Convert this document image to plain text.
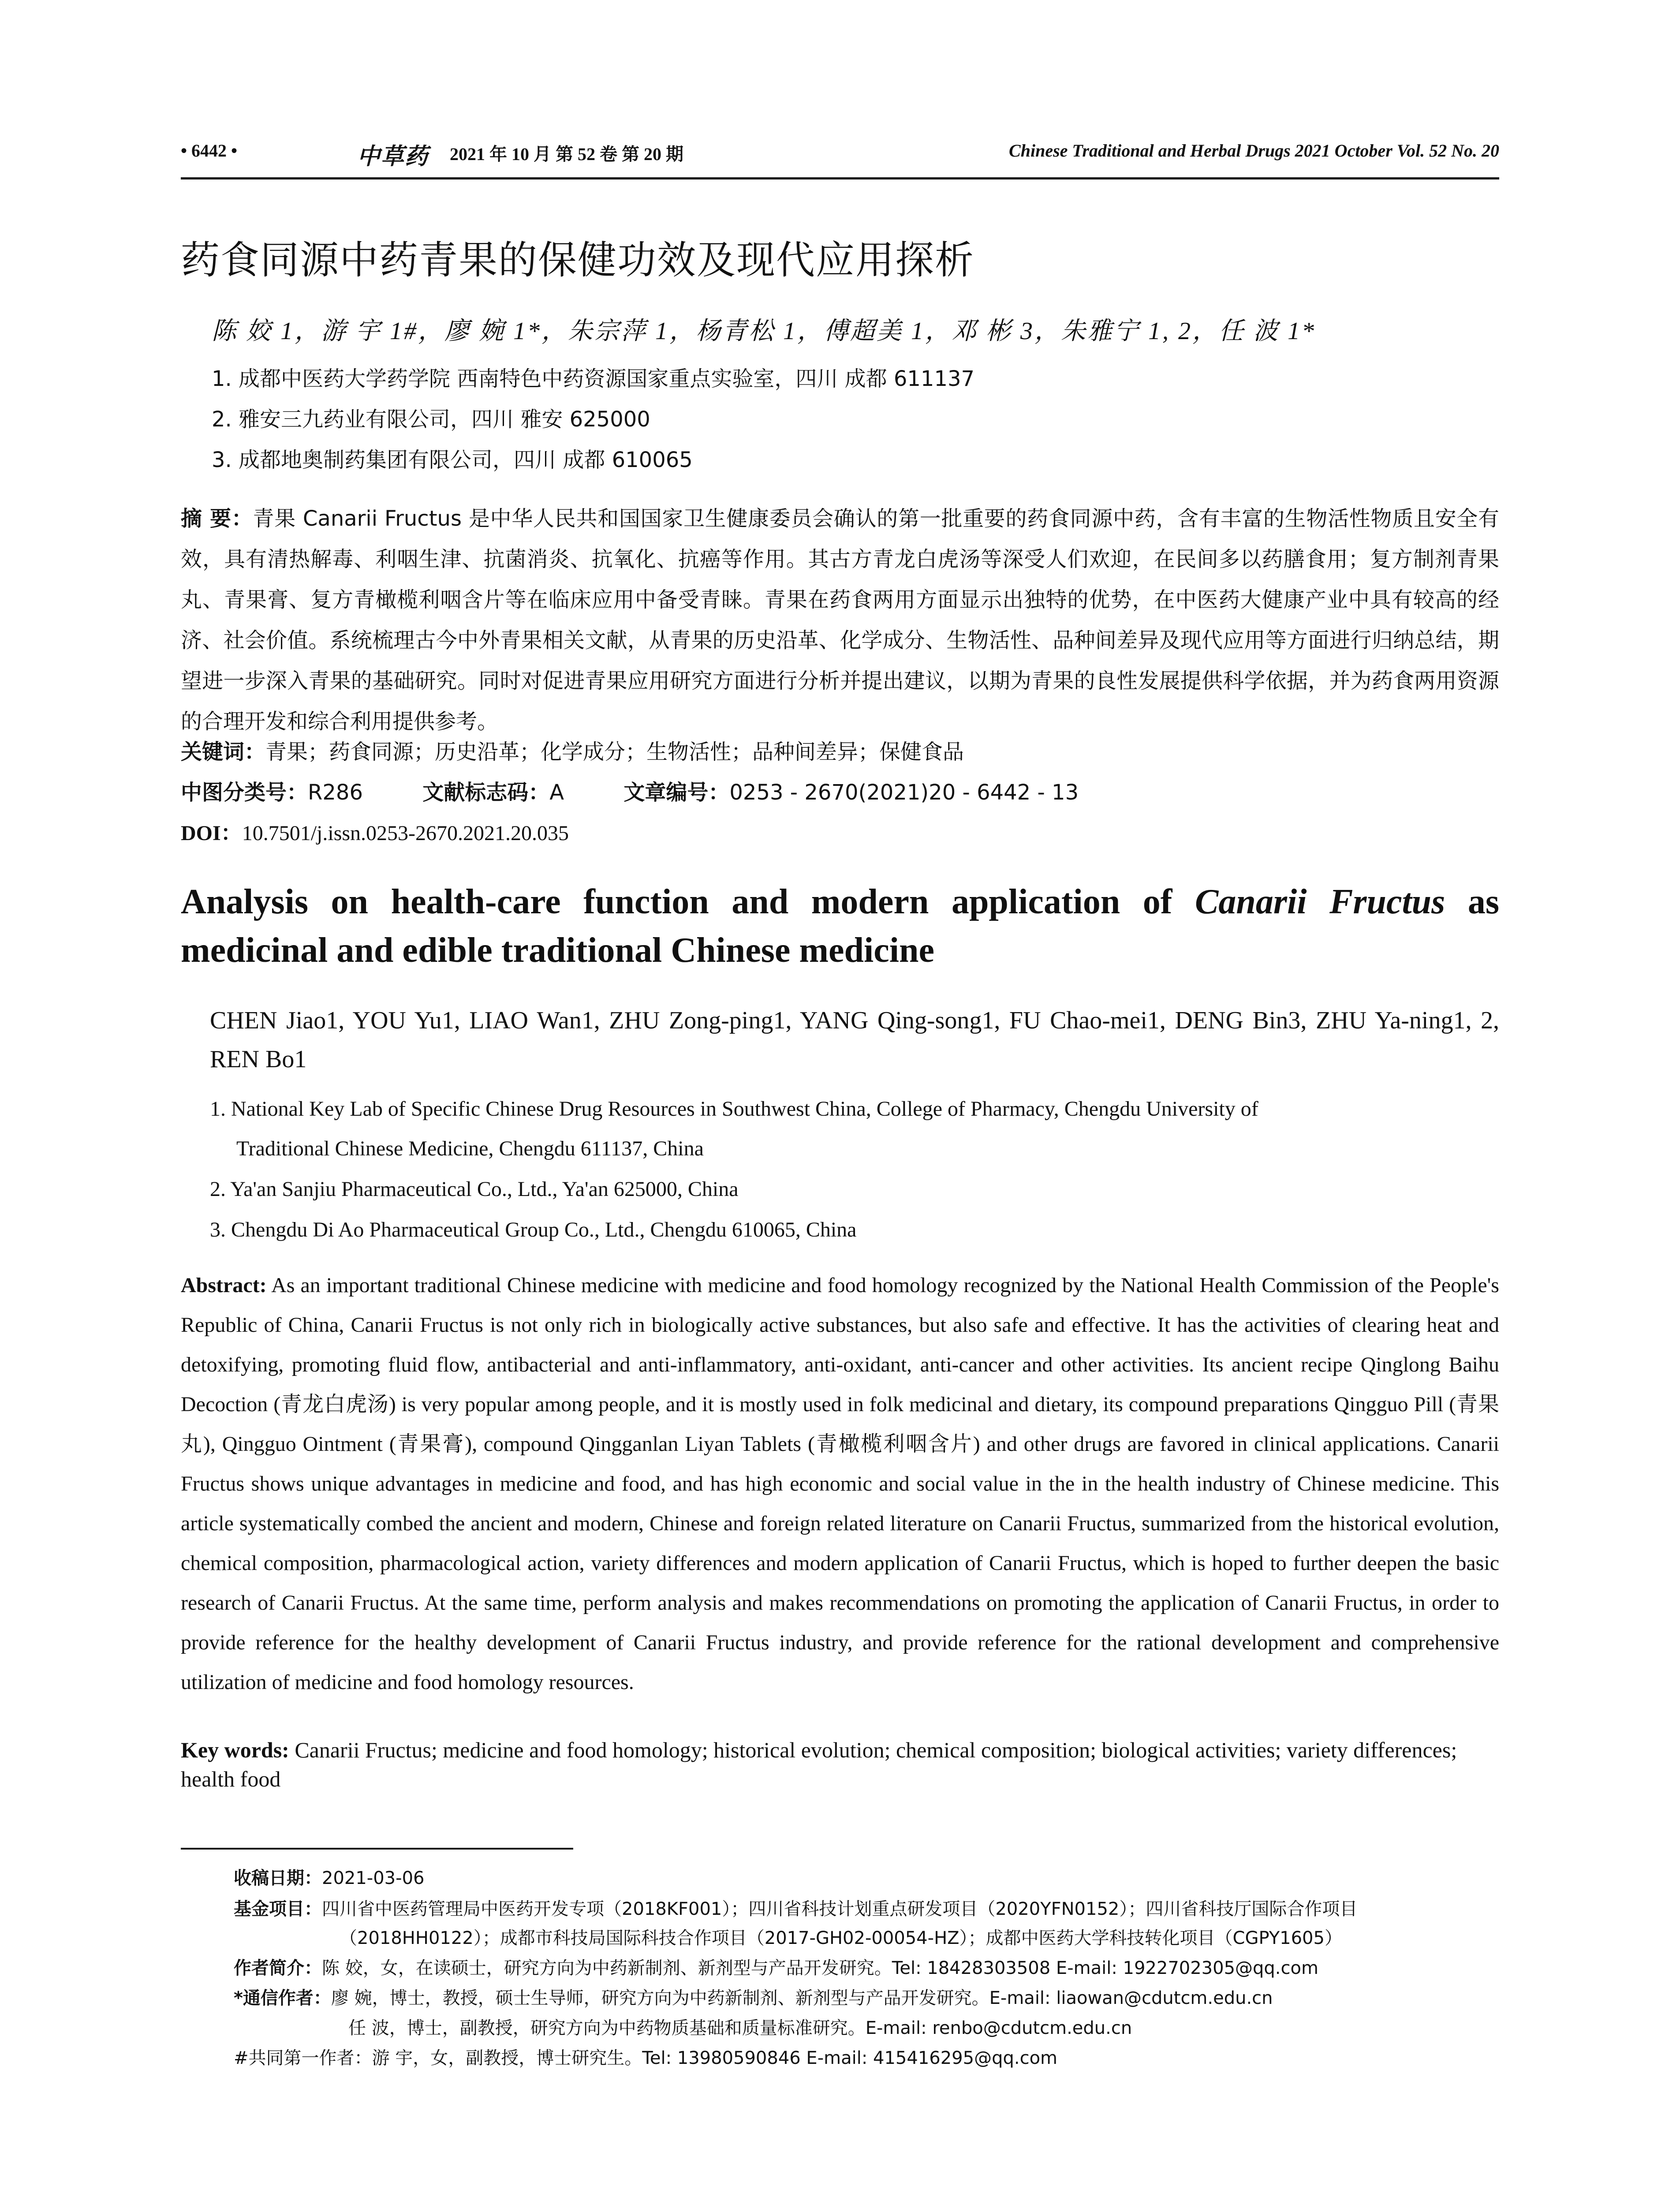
• 6442 •	中草药 2021 年 10 月 第 52 卷 第 20 期	Chinese Traditional and Herbal Drugs 2021 October Vol. 52 No. 20
药食同源中药青果的保健功效及现代应用探析
陈 姣 1，游 宇 1#，廖 婉 1*，朱宗萍 1，杨青松 1，傅超美 1，邓 彬 3，朱雅宁 1, 2，任 波 1*
1. 成都中医药大学药学院 西南特色中药资源国家重点实验室，四川 成都 611137
2. 雅安三九药业有限公司，四川 雅安 625000
3. 成都地奥制药集团有限公司，四川 成都 610065
摘 要：青果 Canarii Fructus 是中华人民共和国国家卫生健康委员会确认的第一批重要的药食同源中药，含有丰富的生物活性物质且安全有效，具有清热解毒、利咽生津、抗菌消炎、抗氧化、抗癌等作用。其古方青龙白虎汤等深受人们欢迎，在民间多以药膳食用；复方制剂青果丸、青果膏、复方青橄榄利咽含片等在临床应用中备受青睐。青果在药食两用方面显示出独特的优势，在中医药大健康产业中具有较高的经济、社会价值。系统梳理古今中外青果相关文献，从青果的历史沿革、化学成分、生物活性、品种间差异及现代应用等方面进行归纳总结，期望进一步深入青果的基础研究。同时对促进青果应用研究方面进行分析并提出建议，以期为青果的良性发展提供科学依据，并为药食两用资源的合理开发和综合利用提供参考。
关键词：青果；药食同源；历史沿革；化学成分；生物活性；品种间差异；保健食品
中图分类号：R286	文献标志码：A	文章编号：0253 - 2670(2021)20 - 6442 - 13
DOI：10.7501/j.issn.0253-2670.2021.20.035
Analysis on health-care function and modern application of Canarii Fructus as medicinal and edible traditional Chinese medicine
CHEN Jiao1, YOU Yu1, LIAO Wan1, ZHU Zong-ping1, YANG Qing-song1, FU Chao-mei1, DENG Bin3, ZHU Ya-ning1, 2, REN Bo1
1. National Key Lab of Specific Chinese Drug Resources in Southwest China, College of Pharmacy, Chengdu University of
Traditional Chinese Medicine, Chengdu 611137, China
2. Ya'an Sanjiu Pharmaceutical Co., Ltd., Ya'an 625000, China
3. Chengdu Di Ao Pharmaceutical Group Co., Ltd., Chengdu 610065, China
Abstract: As an important traditional Chinese medicine with medicine and food homology recognized by the National Health Commission of the People's Republic of China, Canarii Fructus is not only rich in biologically active substances, but also safe and effective. It has the activities of clearing heat and detoxifying, promoting fluid flow, antibacterial and anti-inflammatory, anti-oxidant, anti-cancer and other activities. Its ancient recipe Qinglong Baihu Decoction (青龙白虎汤) is very popular among people, and it is mostly used in folk medicinal and dietary, its compound preparations Qingguo Pill (青果丸), Qingguo Ointment (青果膏), compound Qingganlan Liyan Tablets (青橄榄利咽含片) and other drugs are favored in clinical applications. Canarii Fructus shows unique advantages in medicine and food, and has high economic and social value in the in the health industry of Chinese medicine. This article systematically combed the ancient and modern, Chinese and foreign related literature on Canarii Fructus, summarized from the historical evolution, chemical composition, pharmacological action, variety differences and modern application of Canarii Fructus, which is hoped to further deepen the basic research of Canarii Fructus. At the same time, perform analysis and makes recommendations on promoting the application of Canarii Fructus, in order to provide reference for the healthy development of Canarii Fructus industry, and provide reference for the rational development and comprehensive utilization of medicine and food homology resources.
Key words: Canarii Fructus; medicine and food homology; historical evolution; chemical composition; biological activities; variety differences; health food
收稿日期：2021-03-06
基金项目：四川省中医药管理局中医药开发专项（2018KF001）；四川省科技计划重点研发项目（2020YFN0152）；四川省科技厅国际合作项目
（2018HH0122）；成都市科技局国际科技合作项目（2017-GH02-00054-HZ）；成都中医药大学科技转化项目（CGPY1605）
作者简介：陈 姣，女，在读硕士，研究方向为中药新制剂、新剂型与产品开发研究。Tel: 18428303508 E-mail: 1922702305@qq.com
*通信作者：廖 婉，博士，教授，硕士生导师，研究方向为中药新制剂、新剂型与产品开发研究。E-mail: liaowan@cdutcm.edu.cn
任 波，博士，副教授，研究方向为中药物质基础和质量标准研究。E-mail: renbo@cdutcm.edu.cn
#共同第一作者：游 宇，女，副教授，博士研究生。Tel: 13980590846 E-mail: 415416295@qq.com
